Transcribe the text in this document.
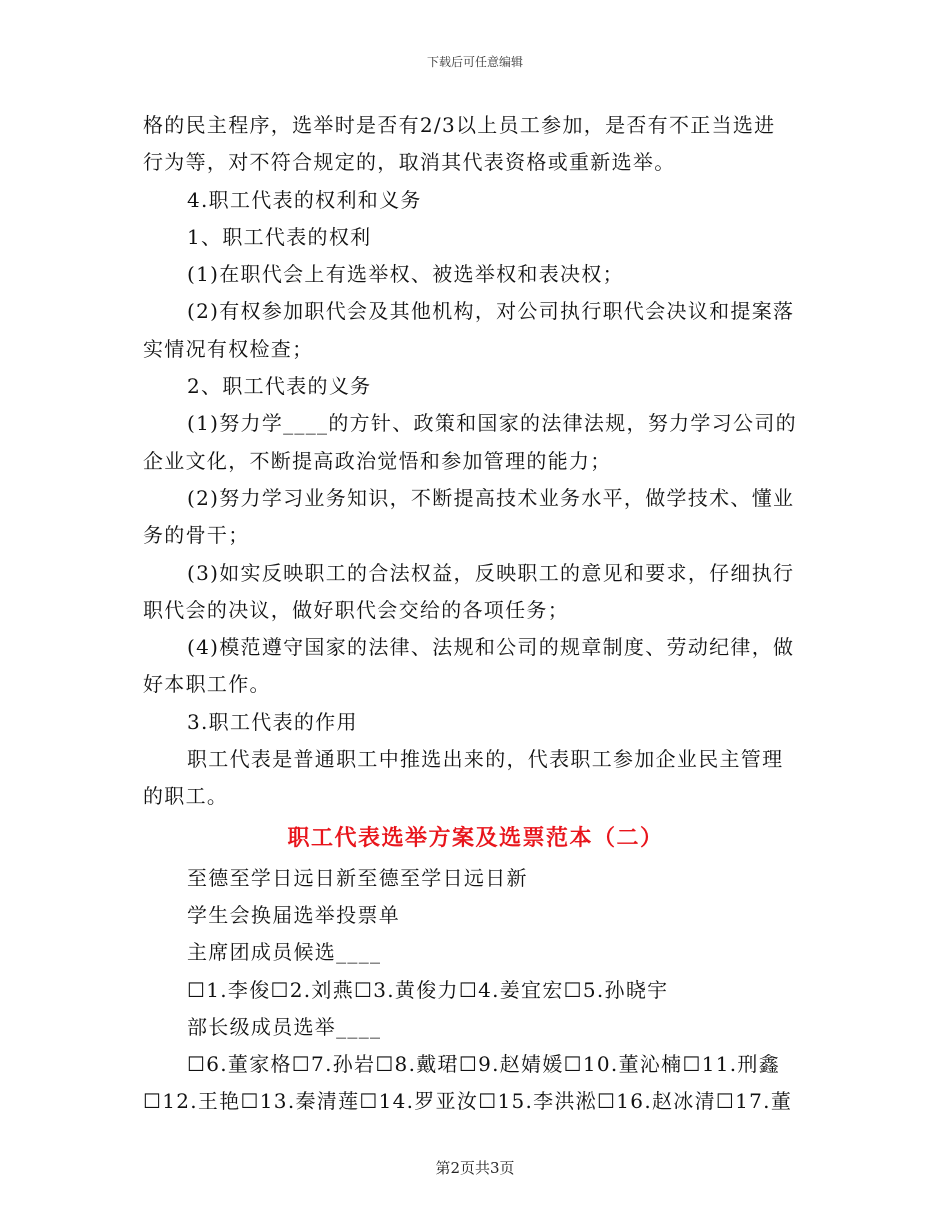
下载后可任意编辑
格的民主程序，选举时是否有2/3以上员工参加，是否有不正当选进
行为等，对不符合规定的，取消其代表资格或重新选举。
4.职工代表的权利和义务
1、职工代表的权利
(1)在职代会上有选举权、被选举权和表决权；
(2)有权参加职代会及其他机构，对公司执行职代会决议和提案落
实情况有权检查；
2、职工代表的义务
(1)努力学____的方针、政策和国家的法律法规，努力学习公司的
企业文化，不断提高政治觉悟和参加管理的能力；
(2)努力学习业务知识，不断提高技术业务水平，做学技术、懂业
务的骨干；
(3)如实反映职工的合法权益，反映职工的意见和要求，仔细执行
职代会的决议，做好职代会交给的各项任务；
(4)模范遵守国家的法律、法规和公司的规章制度、劳动纪律，做
好本职工作。
3.职工代表的作用
职工代表是普通职工中推选出来的，代表职工参加企业民主管理
的职工。
职工代表选举方案及选票范本（二）
至德至学日远日新至德至学日远日新
学生会换届选举投票单
主席团成员候选____
☐1.李俊☐2.刘燕☐3.黄俊力☐4.姜宜宏☐5.孙晓宇
部长级成员选举____
☐6.董家格☐7.孙岩☐8.戴珺☐9.赵婧媛☐10.董沁楠☐11.刑鑫
☐12.王艳☐13.秦清莲☐14.罗亚汝☐15.李洪淞☐16.赵冰清☐17.董
第2页共3页
